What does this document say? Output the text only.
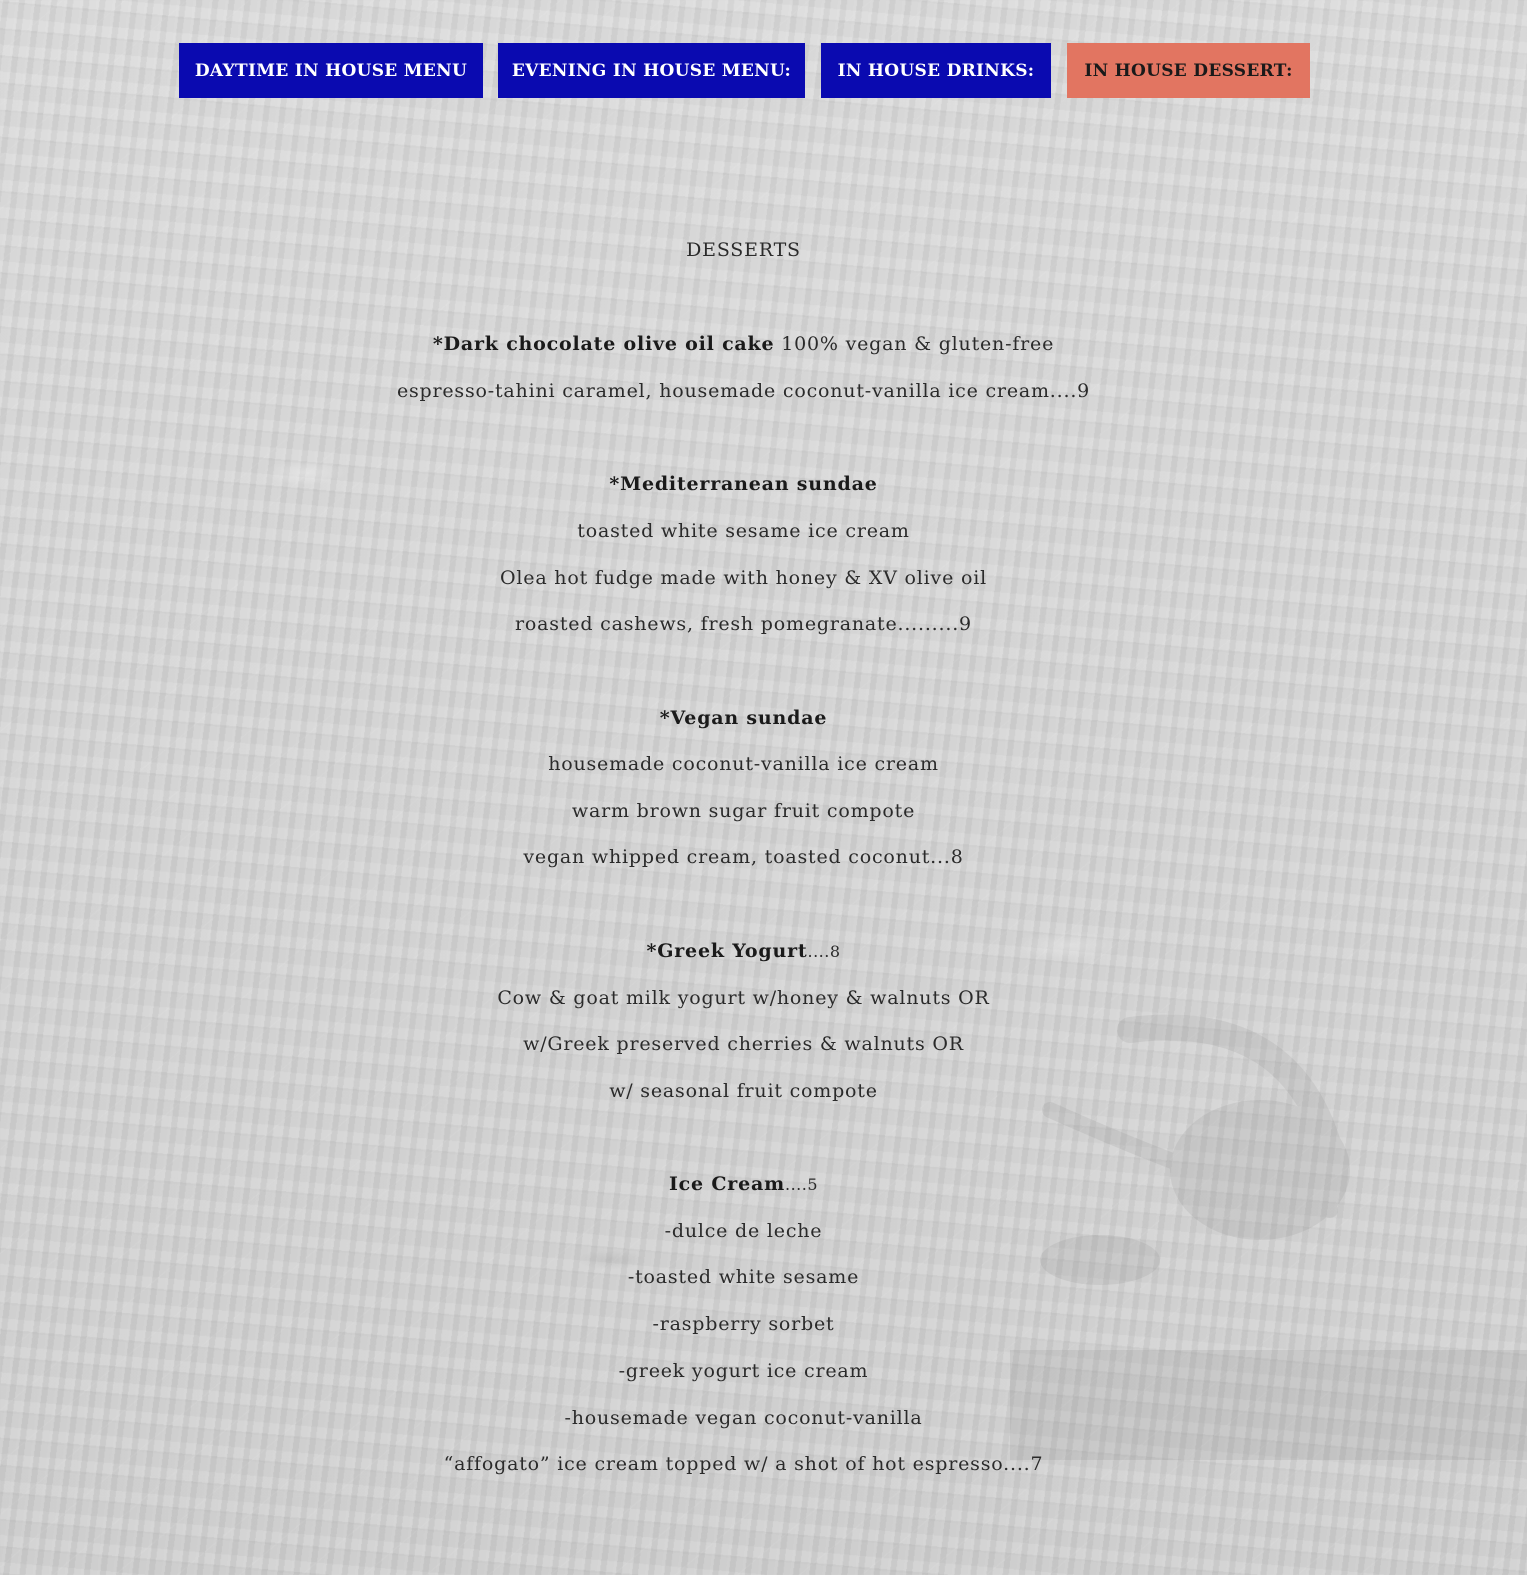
DAYTIME IN HOUSE MENU	EVENING IN HOUSE MENU:	IN HOUSE DRINKS:	IN HOUSE DESSERT:
DESSERTS
*Dark chocolate olive oil cake 100% vegan & gluten-free
espresso-tahini caramel, housemade coconut-vanilla ice cream....9
*Mediterranean sundae
toasted white sesame ice cream
Olea hot fudge made with honey & XV olive oil
roasted cashews, fresh pomegranate.........9
*Vegan sundae
housemade coconut-vanilla ice cream
warm brown sugar fruit compote
vegan whipped cream, toasted coconut...8
*Greek Yogurt....8
Cow & goat milk yogurt w/honey & walnuts OR
w/Greek preserved cherries & walnuts OR
w/ seasonal fruit compote
Ice Cream....5
-dulce de leche
-toasted white sesame
-raspberry sorbet
-greek yogurt ice cream
-housemade vegan coconut-vanilla
“affogato” ice cream topped w/ a shot of hot espresso....7
